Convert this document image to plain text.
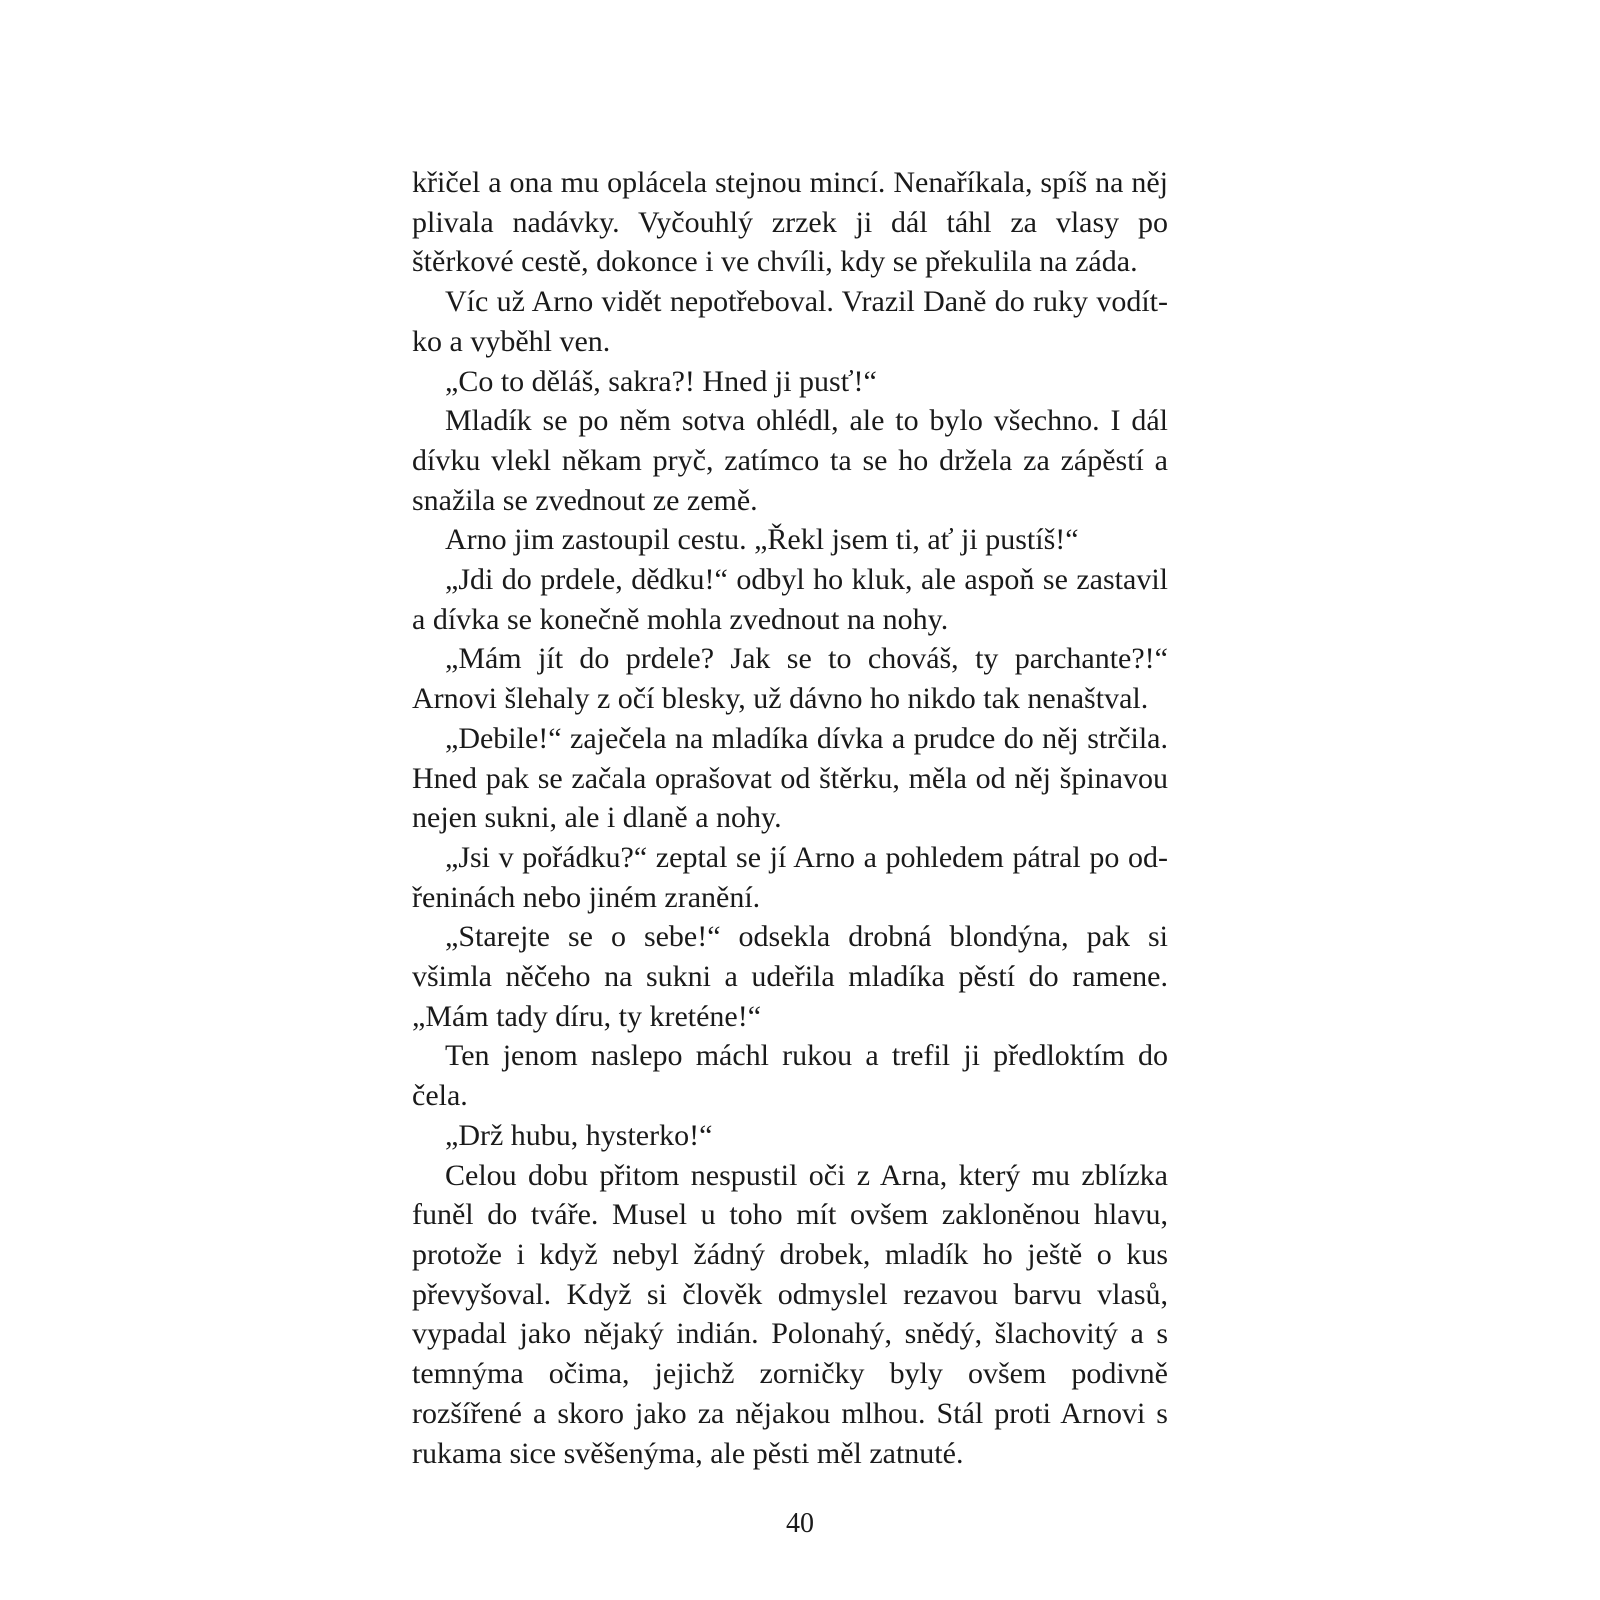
křičel a ona mu oplácela stejnou mincí. Nenaříkala, spíš na něj plivala nadávky. Vyčouhlý zrzek ji dál táhl za vlasy po štěrkové cestě, dokonce i ve chvíli, kdy se překulila na záda.

Víc už Arno vidět nepotřeboval. Vrazil Daně do ruky vodítko a vyběhl ven.

„Co to děláš, sakra?! Hned ji pusť!“

Mladík se po něm sotva ohlédl, ale to bylo všechno. I dál dívku vlekl někam pryč, zatímco ta se ho držela za zápěstí a snažila se zvednout ze země.

Arno jim zastoupil cestu. „Řekl jsem ti, ať ji pustíš!“

„Jdi do prdele, dědku!“ odbyl ho kluk, ale aspoň se zastavil a dívka se konečně mohla zvednout na nohy.

„Mám jít do prdele? Jak se to chováš, ty parchante?!“ Arnovi šlehaly z očí blesky, už dávno ho nikdo tak nenaštval.

„Debile!“ zaječela na mladíka dívka a prudce do něj strčila. Hned pak se začala oprašovat od štěrku, měla od něj špinavou nejen sukni, ale i dlaně a nohy.

„Jsi v pořádku?“ zeptal se jí Arno a pohledem pátral po odřeninách nebo jiném zranění.

„Starejte se o sebe!“ odsekla drobná blondýna, pak si všimla něčeho na sukni a udeřila mladíka pěstí do ramene. „Mám tady díru, ty kreténe!“

Ten jenom naslepo máchl rukou a trefil ji předloktím do čela.

„Drž hubu, hysterko!“

Celou dobu přitom nespustil oči z Arna, který mu zblízka funěl do tváře. Musel u toho mít ovšem zakloněnou hlavu, protože i když nebyl žádný drobek, mladík ho ještě o kus převyšoval. Když si člověk odmyslel rezavou barvu vlasů, vypadal jako nějaký indián. Polonahý, snědý, šlachovitý a s temnýma očima, jejichž zorničky byly ovšem podivně rozšířené a skoro jako za nějakou mlhou. Stál proti Arnovi s rukama sice svěšenýma, ale pěsti měl zatnuté.

40
